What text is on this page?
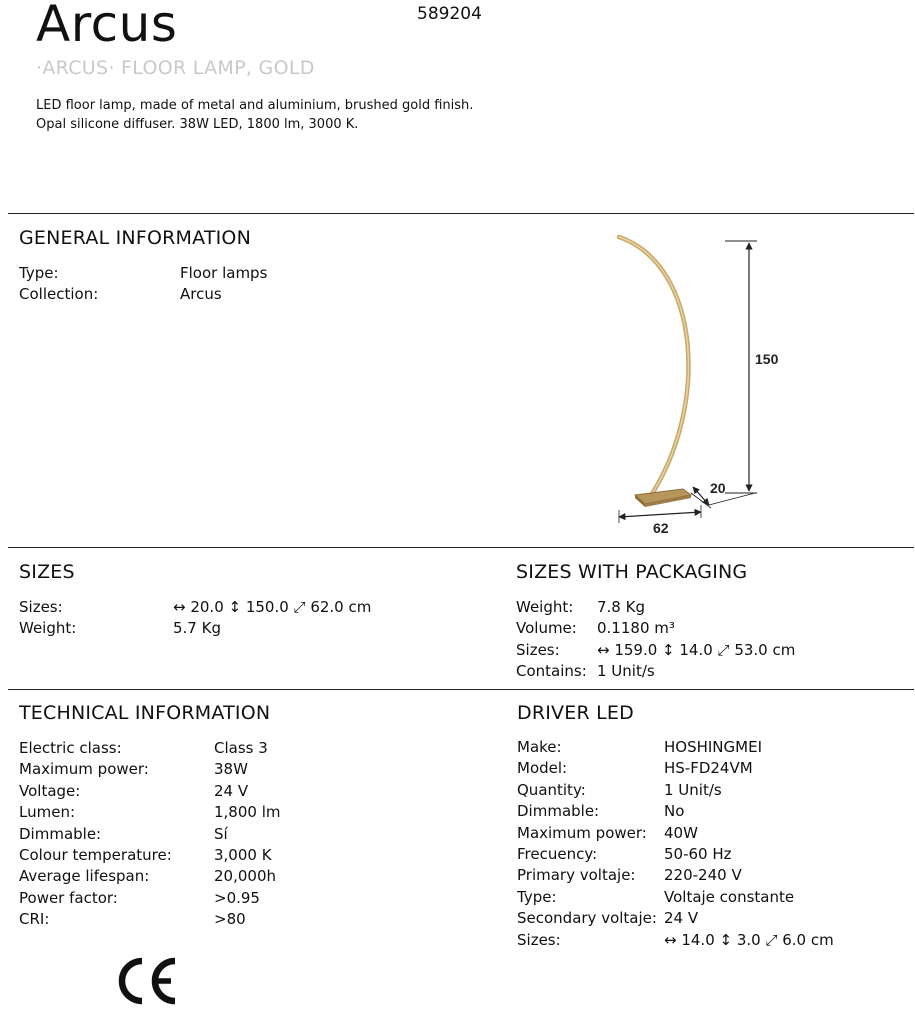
Arcus	589204
·ARCUS· FLOOR LAMP, GOLD
LED floor lamp, made of metal and aluminium, brushed gold finish.
Opal silicone diffuser. 38W LED, 1800 lm, 3000 K.
GENERAL INFORMATION
Type:	Floor lamps
Collection:	Arcus
150
20
62
SIZES
Sizes:	↔ 20.0 ↕ 150.0 ⤢ 62.0 cm
Weight:	5.7 Kg
SIZES WITH PACKAGING
Weight: 7.8 Kg
Volume: 0.1180 m³
Sizes: ↔ 159.0 ↕ 14.0 ⤢ 53.0 cm
Contains: 1 Unit/s
TECHNICAL INFORMATION
Electric class:	Class 3
Maximum power:	38W
Voltage:	24 V
Lumen:	1,800 lm
Dimmable:	Sí
Colour temperature:	3,000 K
Average lifespan:	20,000h
Power factor:	>0.95
CRI:	>80
DRIVER LED
Make:	HOSHINGMEI
Model:	HS-FD24VM
Quantity:	1 Unit/s
Dimmable:	No
Maximum power: 40W
Frecuency:	50-60 Hz
Primary voltaje: 220-240 V
Type:	Voltaje constante
Secondary voltaje: 24 V
Sizes:	↔ 14.0 ↕ 3.0 ⤢ 6.0 cm
